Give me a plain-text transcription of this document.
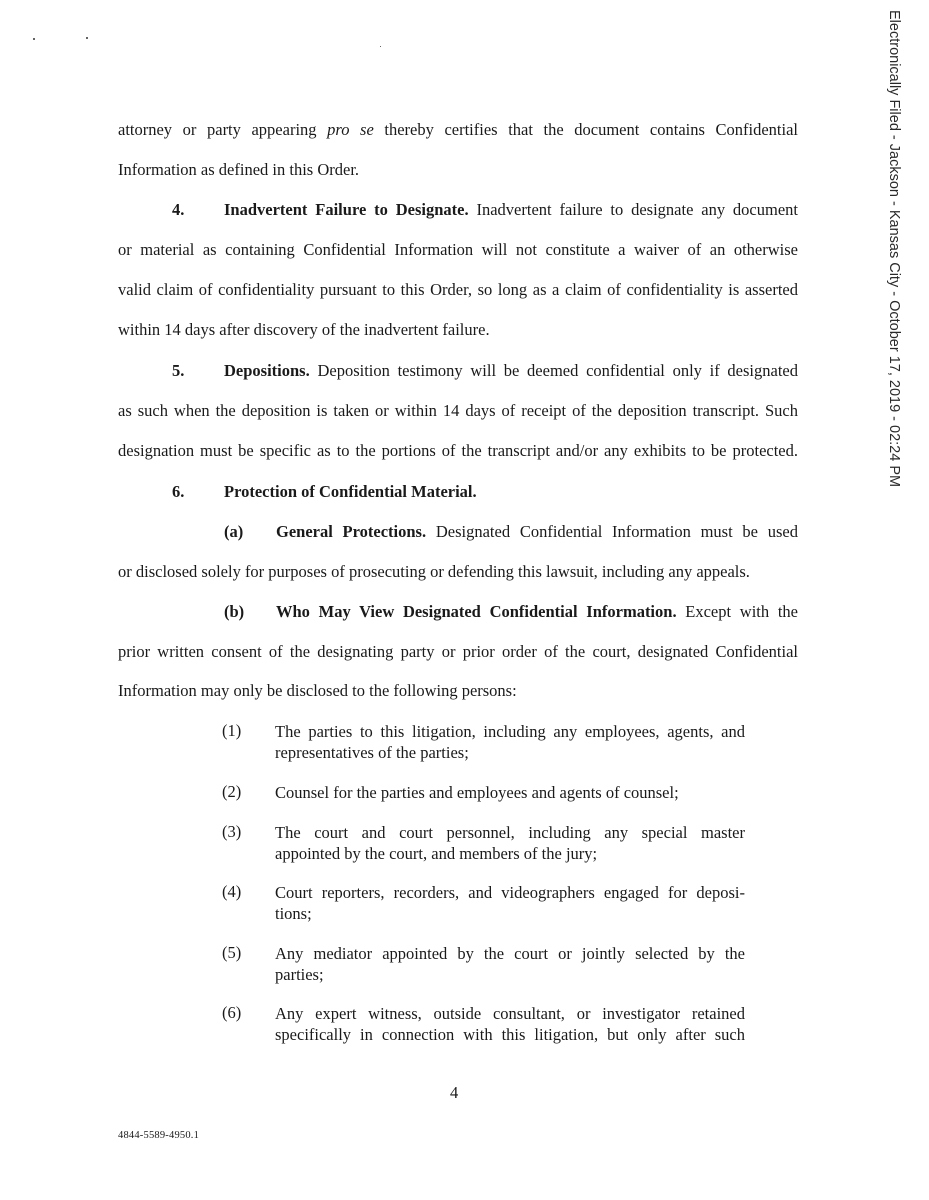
Electronically Filed - Jackson - Kansas City - October 17, 2019 - 02:24 PM
attorney or party appearing pro se thereby certifies that the document contains Confidential
Information as defined in this Order.
4. Inadvertent Failure to Designate. Inadvertent failure to designate any document
or material as containing Confidential Information will not constitute a waiver of an otherwise
valid claim of confidentiality pursuant to this Order, so long as a claim of confidentiality is asserted
within 14 days after discovery of the inadvertent failure.
5. Depositions. Deposition testimony will be deemed confidential only if designated
as such when the deposition is taken or within 14 days of receipt of the deposition transcript. Such
designation must be specific as to the portions of the transcript and/or any exhibits to be protected.
6. Protection of Confidential Material.
(a) General Protections. Designated Confidential Information must be used
or disclosed solely for purposes of prosecuting or defending this lawsuit, including any appeals.
(b) Who May View Designated Confidential Information. Except with the
prior written consent of the designating party or prior order of the court, designated Confidential
Information may only be disclosed to the following persons:
(1) The parties to this litigation, including any employees, agents, and
representatives of the parties;
(2) Counsel for the parties and employees and agents of counsel;
(3) The court and court personnel, including any special master
appointed by the court, and members of the jury;
(4) Court reporters, recorders, and videographers engaged for deposi-
tions;
(5) Any mediator appointed by the court or jointly selected by the
parties;
(6) Any expert witness, outside consultant, or investigator retained
specifically in connection with this litigation, but only after such
4
4844-5589-4950.1
